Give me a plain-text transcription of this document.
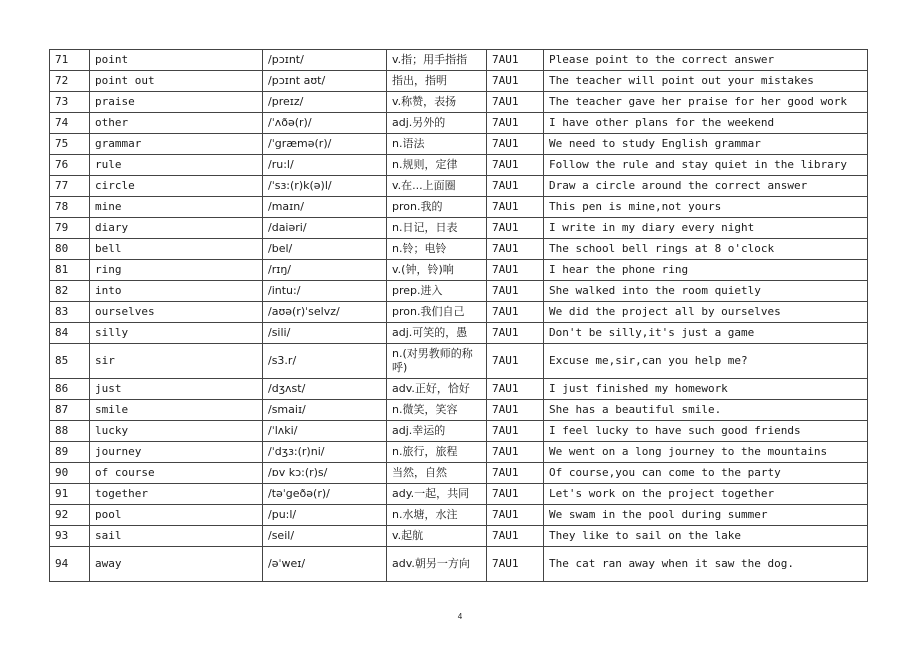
71	point	/pɔɪnt/	v.指；用手指指	7AU1	Please point to the correct answer
72	point out	/pɔɪnt aʊt/	指出，指明	7AU1	The teacher will point out your mistakes
73	praise	/preɪz/	v.称赞，表扬	7AU1	The teacher gave her praise for her good work
74	other	/ˈʌðə(r)/	adj.另外的	7AU1	I have other plans for the weekend
75	grammar	/ˈgræmə(r)/	n.语法	7AU1	We need to study English grammar
76	rule	/ru:l/	n.规则，定律	7AU1	Follow the rule and stay quiet in the library
77	circle	/ˈsɜ:(r)k(ə)l/	v.在...上面圈	7AU1	Draw a circle around the correct answer
78	mine	/maɪn/	pron.我的	7AU1	This pen is mine,not yours
79	diary	/daiəri/	n.日记，日表	7AU1	I write in my diary every night
80	bell	/bel/	n.铃；电铃	7AU1	The school bell rings at 8 o'clock
81	ring	/rɪŋ/	v.(钟，铃)响	7AU1	I hear the phone ring
82	into	/intu:/	prep.进入	7AU1	She walked into the room quietly
83	ourselves	/aʊə(r)ˈselvz/	pron.我们自己	7AU1	We did the project all by ourselves
84	silly	/sili/	adj.可笑的，愚	7AU1	Don't be silly,it's just a game
85	sir	/s3.r/	n.(对男教师的称呼)	7AU1	Excuse me,sir,can you help me?
86	just	/dʒʌst/	adv.正好，恰好	7AU1	I just finished my homework
87	smile	/smaiɪ/	n.微笑，笑容	7AU1	She has a beautiful smile.
88	lucky	/ˈlʌki/	adj.幸运的	7AU1	I feel lucky to have such good friends
89	journey	/ˈdʒɜ:(r)ni/	n.旅行，旅程	7AU1	We went on a long journey to the mountains
90	of course	/ɒv kɔ:(r)s/	当然，自然	7AU1	Of course,you can come to the party
91	together	/təˈgeðə(r)/	ady.一起，共同	7AU1	Let's work on the project together
92	pool	/pu:l/	n.水塘，水注	7AU1	We swam in the pool during summer
93	sail	/seil/	v.起航	7AU1	They like to sail on the lake
94	away	/əˈweɪ/	adv.朝另一方向	7AU1	The cat ran away when it saw the dog.
4
